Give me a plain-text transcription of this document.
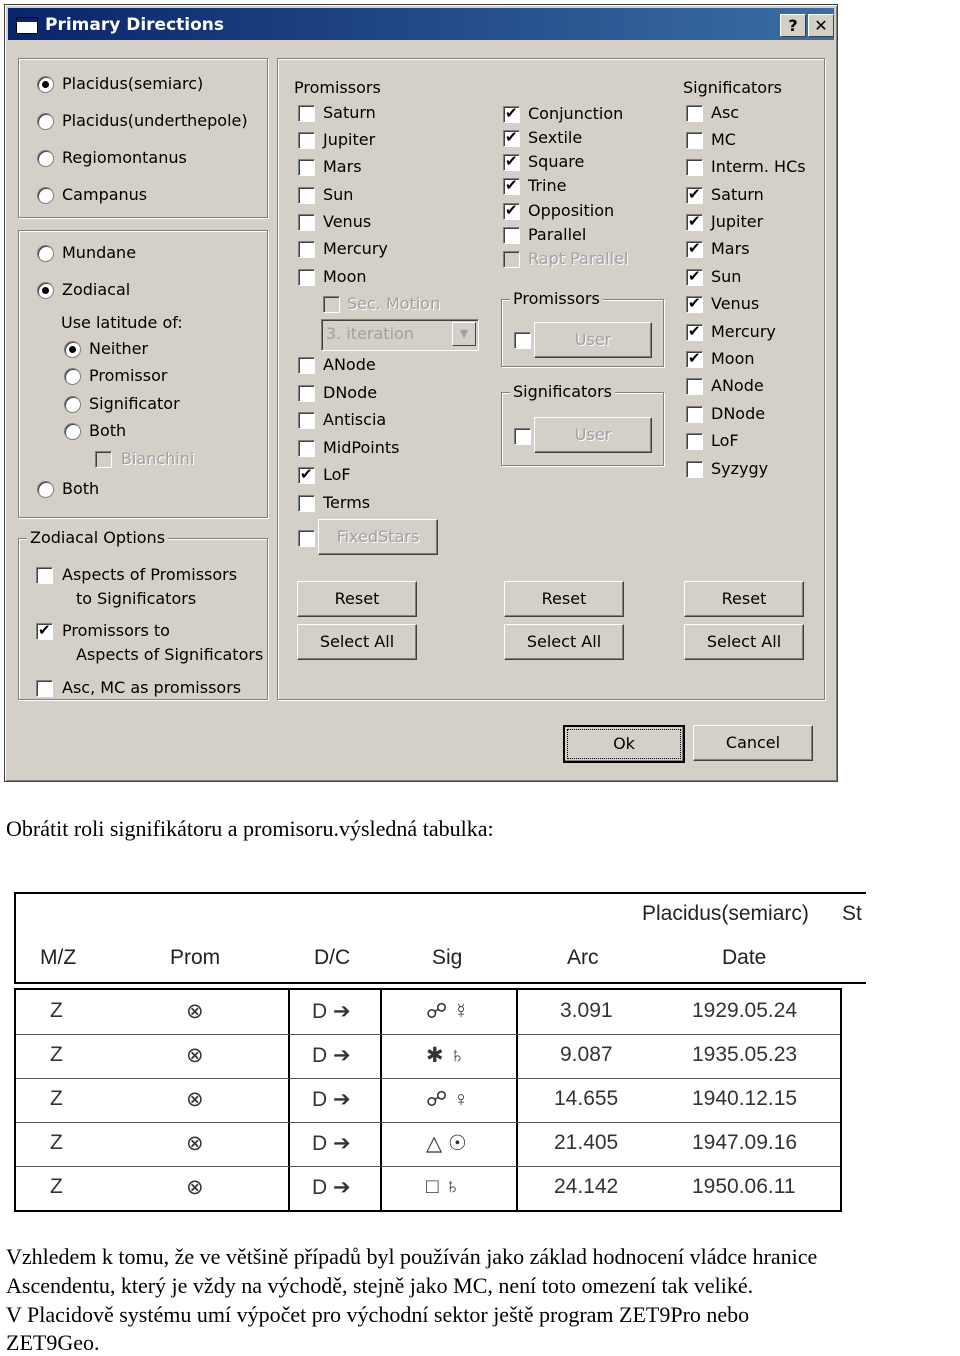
Primary Directions	?	✕
Placidus(semiarc)
Placidus(underthepole)
Regiomontanus
Campanus
Mundane
Zodiacal
Use latitude of:
Neither
Promissor
Significator
Both
Bianchini
Both
Zodiacal Options
Aspects of Promissors
to Significators
✔
Promissors to
Aspects of Significators
Asc, MC as promissors
Promissors
Saturn
Jupiter
Mars
Sun
Venus
Mercury
Moon
Sec. Motion
3. iteration	▼
ANode
DNode
Antiscia
MidPoints
✔
LoF
Terms
FixedStars
✔
Conjunction
✔
Sextile
✔
Square
✔
Trine
✔
Opposition
Parallel
Rapt Parallel
Promissors
User
Significators
User
Significators
Asc
MC
Interm. HCs
✔
Saturn
✔
Jupiter
✔
Mars
✔
Sun
✔
Venus
✔
Mercury
✔
Moon
ANode
DNode
LoF
Syzygy
Reset
Select All
Reset
Select All
Reset
Select All
Ok	Cancel
Obrátit roli signifikátoru a promisoru.výsledná tabulka:
Placidus(semiarc) St
M/Z	Prom	D/C	Sig	Arc	Date
Z	⊗	D ➔	☍ ☿	3.091	1929.05.24
Z	⊗	D ➔	✱ ♄	9.087	1935.05.23
Z	⊗	D ➔	☍ ♀	14.655	1940.12.15
Z	⊗	D ➔	△ ☉	21.405	1947.09.16
Z	⊗	D ➔	□ ♄	24.142	1950.06.11
Vzhledem k tomu, že ve většině případů byl používán jako základ hodnocení vládce hranice
Ascendentu, který je vždy na východě, stejně jako MC, není toto omezení tak veliké.
V Placidově systému umí výpočet pro východní sektor ještě program ZET9Pro nebo
ZET9Geo.
